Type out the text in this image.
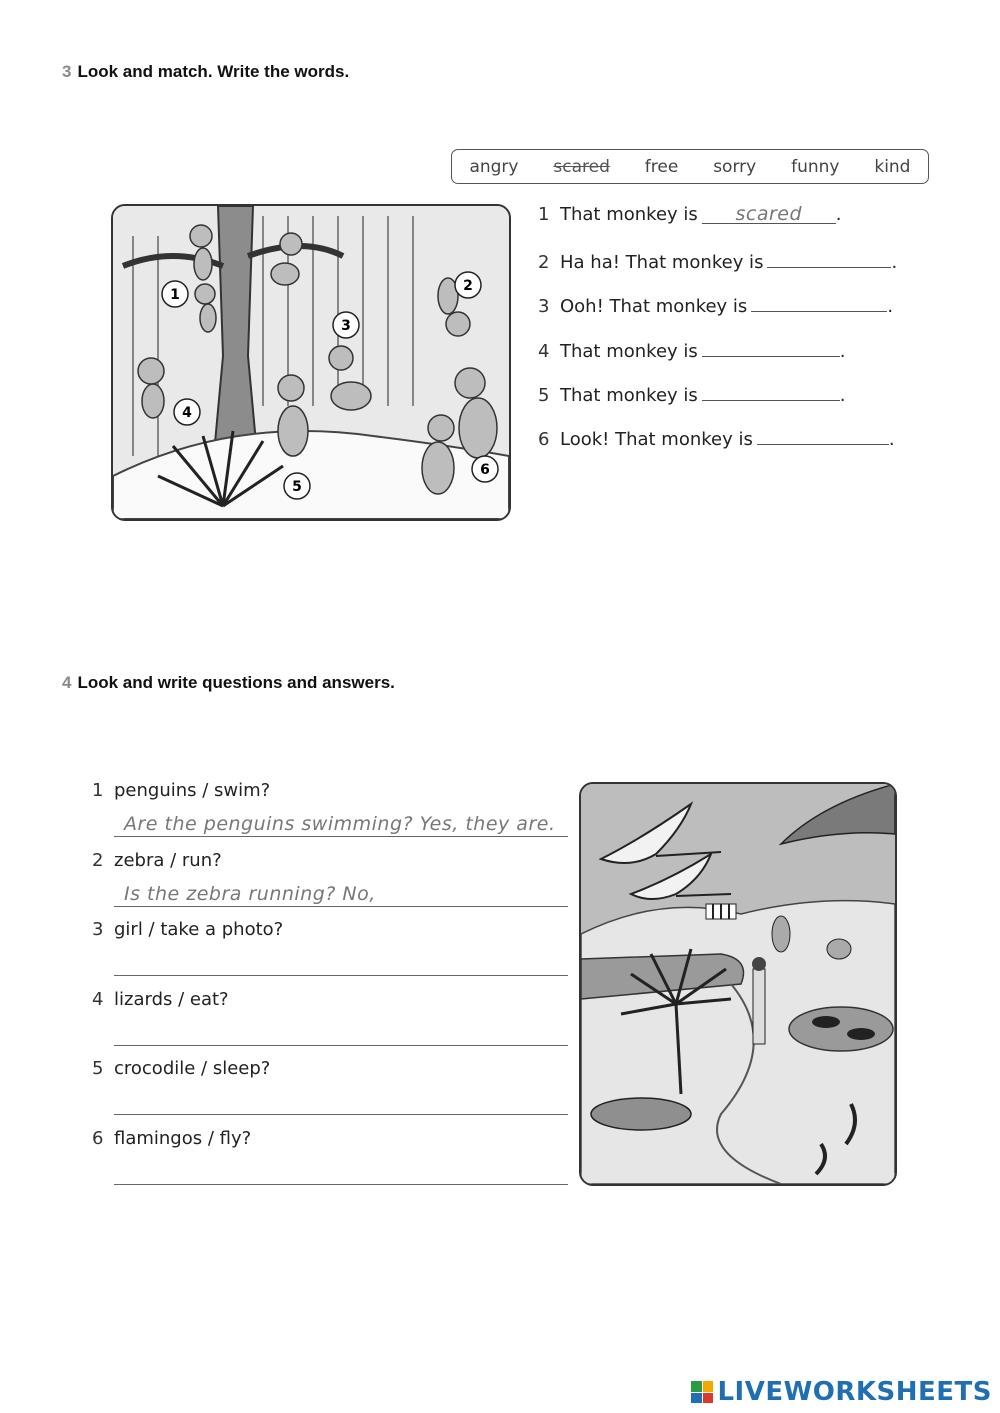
3 Look and match. Write the words.
angry scared free sorry funny kind
1
2
3
4
5
6
1 That monkey is scared .
2 Ha ha! That monkey is	.
3 Ooh! That monkey is	.
4 That monkey is	.
5 That monkey is	.
6 Look! That monkey is	.
4 Look and write questions and answers.
1 penguins / swim?
Are the penguins swimming? Yes, they are.
2 zebra / run?
Is the zebra running? No,
3 girl / take a photo?
4 lizards / eat?
5 crocodile / sleep?
6 flamingos / fly?
LIVEWORKSHEETS
